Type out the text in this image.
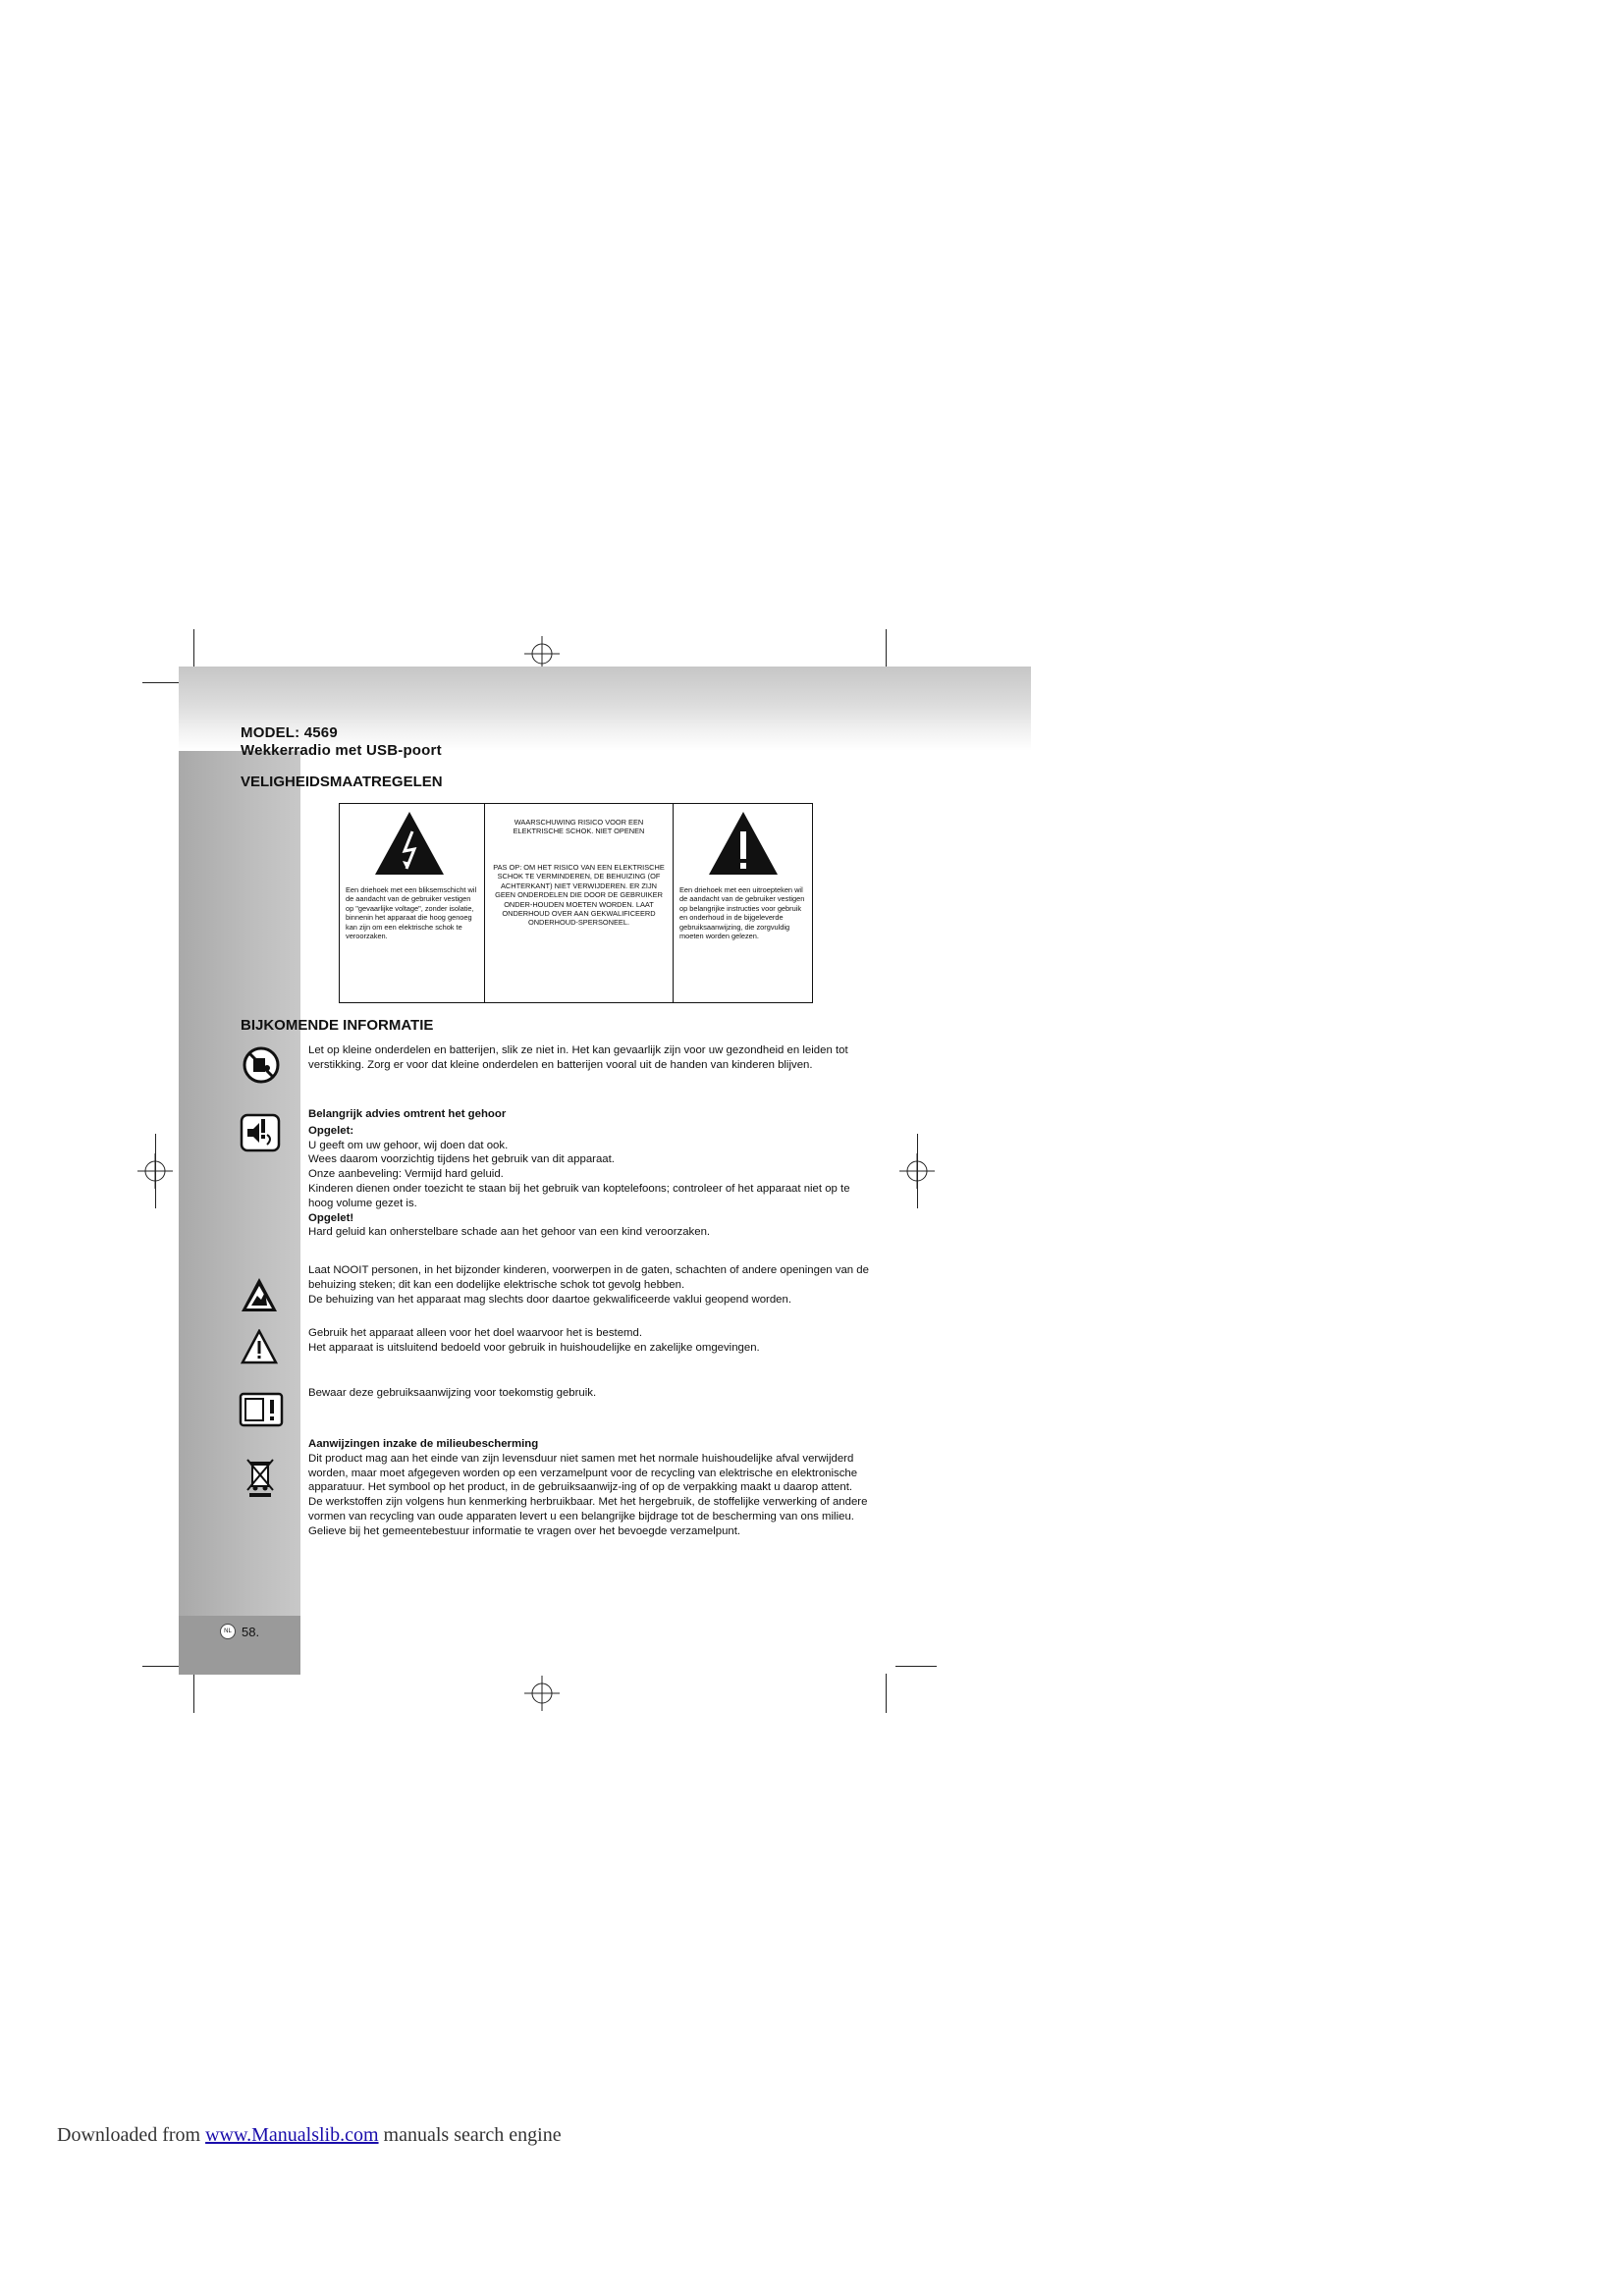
MODEL: 4569
Wekkerradio met USB-poort
VELIGHEIDSMAATREGELEN
Een driehoek met een bliksemschicht wil de aandacht van de gebruiker vestigen op "gevaarlijke voltage", zonder isolatie, binnenin het apparaat die hoog genoeg kan zijn om een elektrische schok te veroorzaken.
WAARSCHUWING RISICO VOOR EEN ELEKTRISCHE SCHOK. NIET OPENEN
PAS OP: OM HET RISICO VAN EEN ELEKTRISCHE SCHOK TE VERMINDEREN, DE BEHUIZING (OF ACHTERKANT) NIET VERWIJDEREN. ER ZIJN GEEN ONDERDELEN DIE DOOR DE GEBRUIKER ONDER-HOUDEN MOETEN WORDEN. LAAT ONDERHOUD OVER AAN GEKWALIFICEERD ONDERHOUD-SPERSONEEL.
Een driehoek met een uitroepteken wil de aandacht van de gebruiker vestigen op belangrijke instructies voor gebruik en onderhoud in de bijgeleverde gebruiksaanwijzing, die zorgvuldig moeten worden gelezen.
BIJKOMENDE INFORMATIE
Let op kleine onderdelen en batterijen, slik ze niet in. Het kan gevaarlijk zijn voor uw gezondheid en leiden tot verstikking. Zorg er voor dat kleine onderdelen en batterijen vooral uit de handen van kinderen blijven.

Belangrijk advies omtrent het gehoor

Opgelet:

U geeft om uw gehoor, wij doen dat ook.

Wees daarom voorzichtig tijdens het gebruik van dit apparaat.

Onze aanbeveling: Vermijd hard geluid.

Kinderen dienen onder toezicht te staan bij het gebruik van koptelefoons; controleer of het apparaat niet op te hoog volume gezet is.

Opgelet!

Hard geluid kan onherstelbare schade aan het gehoor van een kind veroorzaken.

Laat NOOIT personen, in het bijzonder kinderen, voorwerpen in de gaten, schachten of andere openingen van de behuizing steken; dit kan een dodelijke elektrische schok tot gevolg hebben.

De behuizing van het apparaat mag slechts door daartoe gekwalificeerde vaklui geopend worden.

Gebruik het apparaat alleen voor het doel waarvoor het is bestemd.

Het apparaat is uitsluitend bedoeld voor gebruik in huishoudelijke en zakelijke omgevingen.

Bewaar deze gebruiksaanwijzing voor toekomstig gebruik.

Aanwijzingen inzake de milieubescherming

Dit product mag aan het einde van zijn levensduur niet samen met het normale huishoudelijke afval verwijderd worden, maar moet afgegeven worden op een verzamelpunt voor de recycling van elektrische en elektronische apparatuur. Het symbool op het product, in de gebruiksaanwijz-ing of op de verpakking maakt u daarop attent.

De werkstoffen zijn volgens hun kenmerking herbruikbaar. Met het hergebruik, de stoffelijke verwerking of andere vormen van recycling van oude apparaten levert u een belangrijke bijdrage tot de bescherming van ons milieu.

Gelieve bij het gemeentebestuur informatie te vragen over het bevoegde verzamelpunt.

NL 58.
Downloaded from www.Manualslib.com manuals search engine
